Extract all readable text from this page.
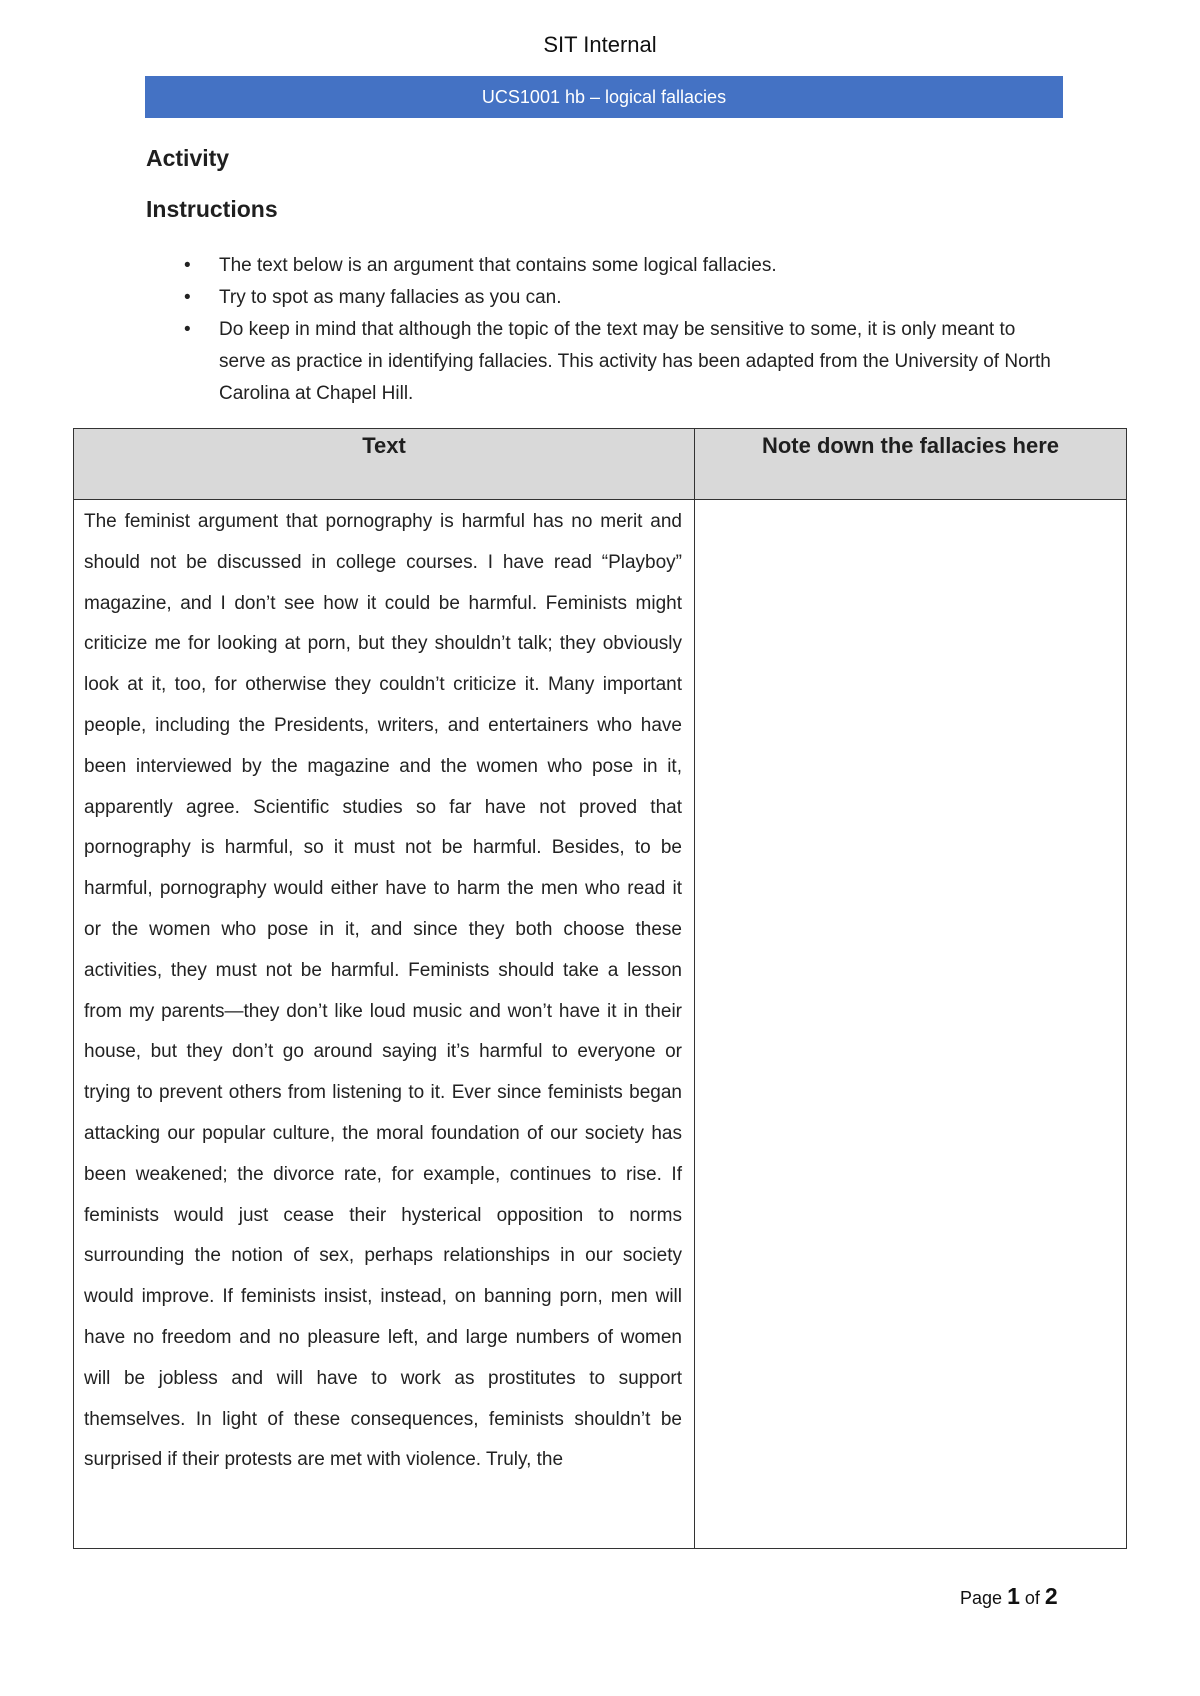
SIT Internal
UCS1001 hb – logical fallacies
Activity
Instructions
• The text below is an argument that contains some logical fallacies.
• Try to spot as many fallacies as you can.
• Do keep in mind that although the topic of the text may be sensitive to some, it is only meant to serve as practice in identifying fallacies. This activity has been adapted from the University of North Carolina at Chapel Hill.
Text	Note down the fallacies here
The feminist argument that pornography is harmful has no merit and should not be discussed in college courses. I have read “Playboy” magazine, and I don’t see how it could be harmful. Feminists might criticize me for looking at porn, but they shouldn’t talk; they obviously look at it, too, for otherwise they couldn’t criticize it. Many important people, including the Presidents, writers, and entertainers who have been interviewed by the magazine and the women who pose in it, apparently agree. Scientific studies so far have not proved that pornography is harmful, so it must not be harmful. Besides, to be harmful, pornography would either have to harm the men who read it or the women who pose in it, and since they both choose these activities, they must not be harmful. Feminists should take a lesson from my parents—they don’t like loud music and won’t have it in their house, but they don’t go around saying it’s harmful to everyone or trying to prevent others from listening to it. Ever since feminists began attacking our popular culture, the moral foundation of our society has been weakened; the divorce rate, for example, continues to rise. If feminists would just cease their hysterical opposition to norms surrounding the notion of sex, perhaps relationships in our society would improve. If feminists insist, instead, on banning porn, men will have no freedom and no pleasure left, and large numbers of women will be jobless and will have to work as prostitutes to support themselves. In light of these consequences, feminists shouldn’t be surprised if their protests are met with violence. Truly, the	
Page 1 of 2
